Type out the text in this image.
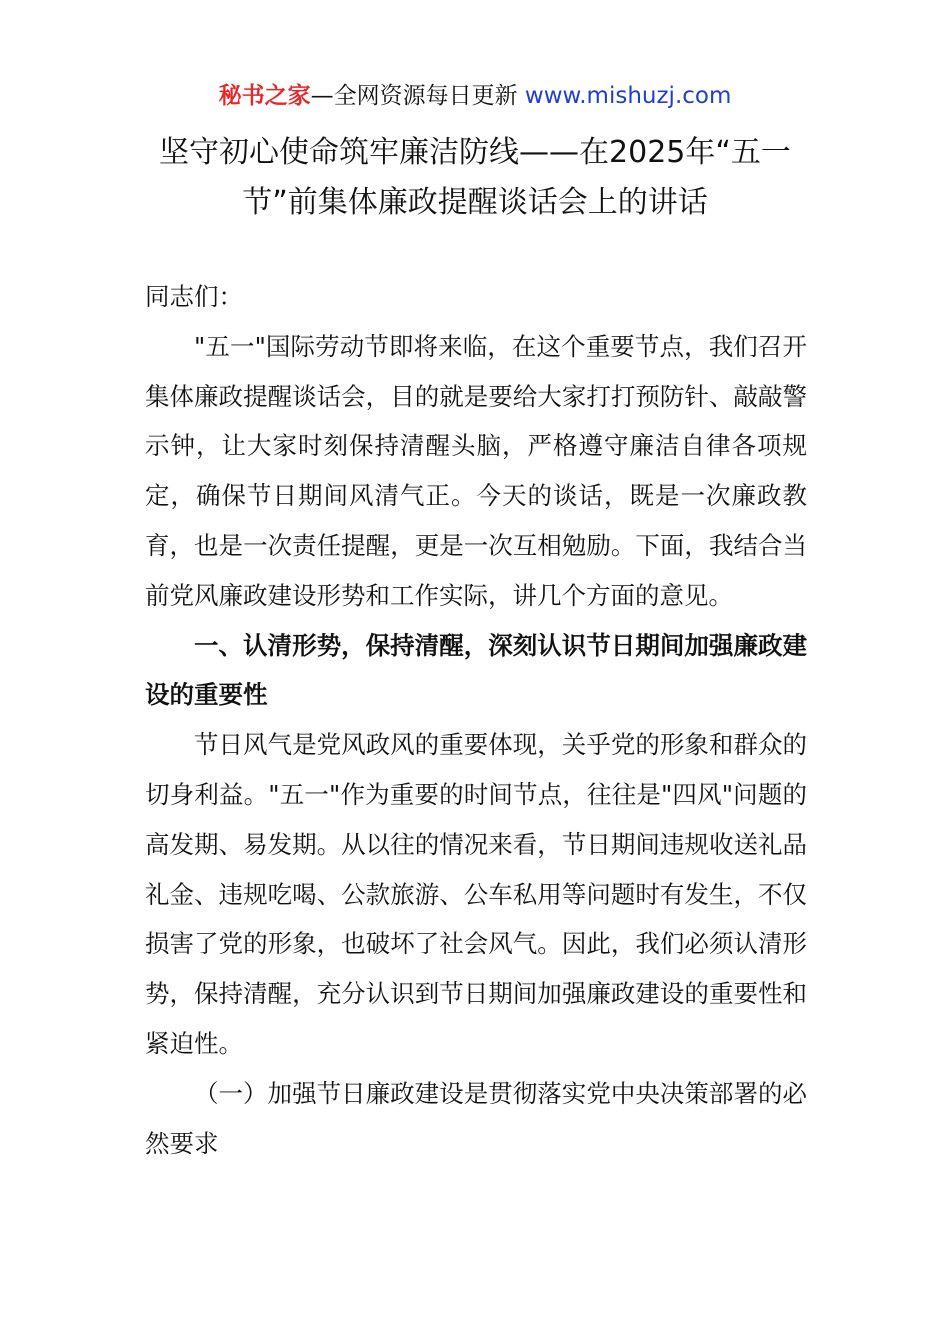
秘书之家—全网资源每日更新 www.mishuzj.com
坚守初心使命筑牢廉洁防线——在2025年“五一节”前集体廉政提醒谈话会上的讲话

同志们：

"五一"国际劳动节即将来临，在这个重要节点，我们召开集体廉政提醒谈话会，目的就是要给大家打打预防针、敲敲警示钟，让大家时刻保持清醒头脑，严格遵守廉洁自律各项规定，确保节日期间风清气正。今天的谈话，既是一次廉政教育，也是一次责任提醒，更是一次互相勉励。下面，我结合当前党风廉政建设形势和工作实际，讲几个方面的意见。

一、认清形势，保持清醒，深刻认识节日期间加强廉政建设的重要性

节日风气是党风政风的重要体现，关乎党的形象和群众的切身利益。"五一"作为重要的时间节点，往往是"四风"问题的高发期、易发期。从以往的情况来看，节日期间违规收送礼品礼金、违规吃喝、公款旅游、公车私用等问题时有发生，不仅损害了党的形象，也破坏了社会风气。因此，我们必须认清形势，保持清醒，充分认识到节日期间加强廉政建设的重要性和紧迫性。

（一）加强节日廉政建设是贯彻落实党中央决策部署的必然要求
